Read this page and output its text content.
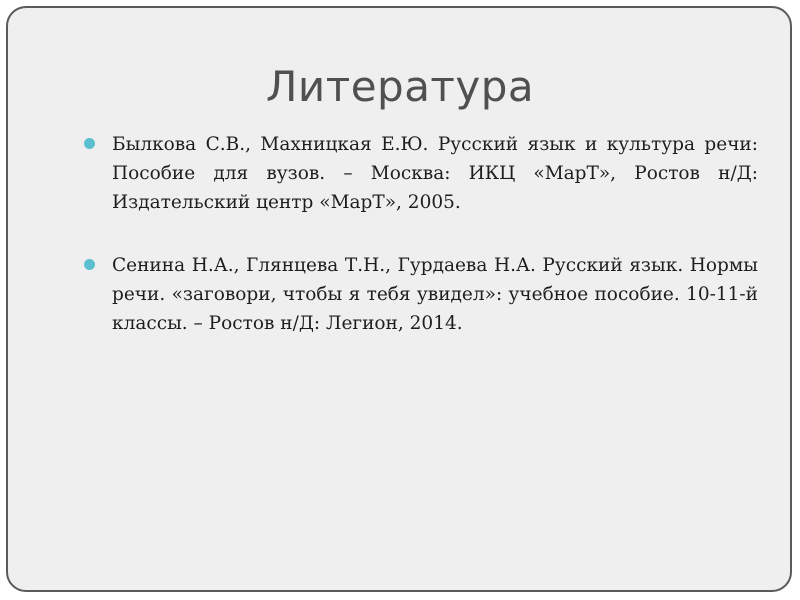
Литература
Былкова С.В., Махницкая Е.Ю. Русский язык и культура речи: Пособие для вузов. – Москва: ИКЦ «МарТ», Ростов н/Д: Издательский центр «МарТ», 2005.
Сенина Н.А., Глянцева Т.Н., Гурдаева Н.А. Русский язык. Нормы речи. «заговори, чтобы я тебя увидел»: учебное пособие. 10-11-й классы. – Ростов н/Д: Легион, 2014.
